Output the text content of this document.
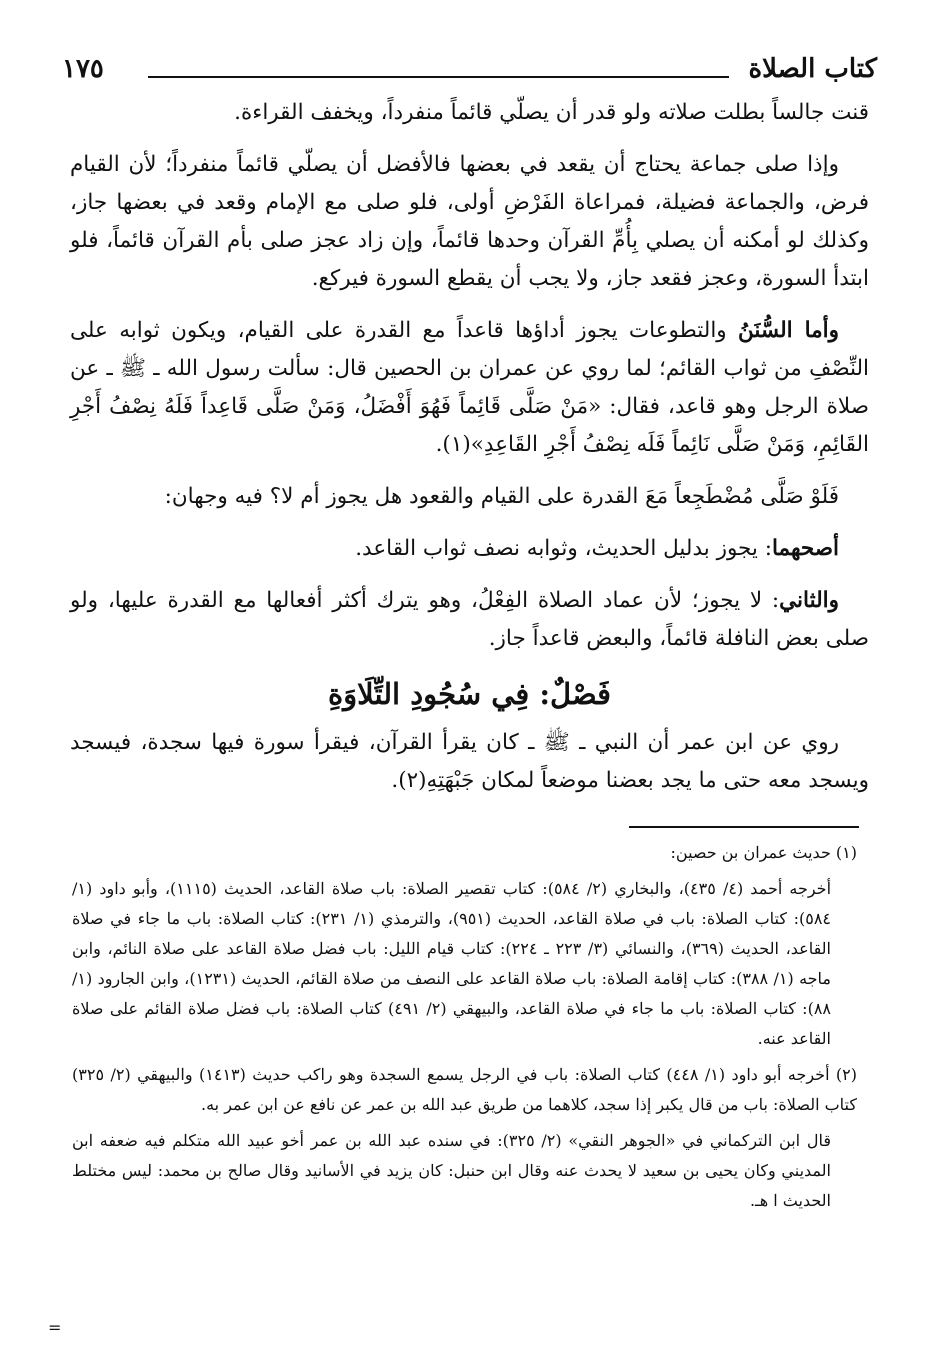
كتاب الصلاة
١٧٥

قنت جالساً بطلت صلاته ولو قدر أن يصلّي قائماً منفرداً، ويخفف القراءة.

وإذا صلى جماعة يحتاج أن يقعد في بعضها فالأفضل أن يصلّي قائماً منفرداً؛ لأن القيام فرض، والجماعة فضيلة، فمراعاة الفَرْضِ أولى، فلو صلى مع الإمام وقعد في بعضها جاز، وكذلك لو أمكنه أن يصلي بِأُمِّ القرآن وحدها قائماً، وإن زاد عجز صلى بأم القرآن قائماً، فلو ابتدأ السورة، وعجز فقعد جاز، ولا يجب أن يقطع السورة فيركع.

وأما السُّنَنُ والتطوعات يجوز أداؤها قاعداً مع القدرة على القيام، ويكون ثوابه على النِّصْفِ من ثواب القائم؛ لما روي عن عمران بن الحصين قال: سألت رسول الله ـ ﷺ ـ عن صلاة الرجل وهو قاعد، فقال: «مَنْ صَلَّى قَائِماً فَهُوَ أَفْضَلُ، وَمَنْ صَلَّى قَاعِداً فَلَهُ نِصْفُ أَجْرِ القَائِمِ، وَمَنْ صَلَّى نَائِماً فَلَه نِصْفُ أَجْرِ القَاعِدِ»(١).

فَلَوْ صَلَّى مُضْطَجِعاً مَعَ القدرة على القيام والقعود هل يجوز أم لا؟ فيه وجهان:

أصحهما: يجوز بدليل الحديث، وثوابه نصف ثواب القاعد.

والثاني: لا يجوز؛ لأن عماد الصلاة الفِعْلُ، وهو يترك أكثر أفعالها مع القدرة عليها، ولو صلى بعض النافلة قائماً، والبعض قاعداً جاز.

فَصْلٌ: فِي سُجُودِ التِّلَاوَةِ

روي عن ابن عمر أن النبي ـ ﷺ ـ كان يقرأ القرآن، فيقرأ سورة فيها سجدة، فيسجد ويسجد معه حتى ما يجد بعضنا موضعاً لمكان جَبْهَتِهِ(٢).

(١) حديث عمران بن حصين:

أخرجه أحمد (٤/ ٤٣٥)، والبخاري (٢/ ٥٨٤): كتاب تقصير الصلاة: باب صلاة القاعد، الحديث (١١١٥)، وأبو داود (١/ ٥٨٤): كتاب الصلاة: باب في صلاة القاعد، الحديث (٩٥١)، والترمذي (١/ ٢٣١): كتاب الصلاة: باب ما جاء في صلاة القاعد، الحديث (٣٦٩)، والنسائي (٣/ ٢٢٣ ـ ٢٢٤): كتاب قيام الليل: باب فضل صلاة القاعد على صلاة النائم، وابن ماجه (١/ ٣٨٨): كتاب إقامة الصلاة: باب صلاة القاعد على النصف من صلاة القائم، الحديث (١٢٣١)، وابن الجارود (١/ ٨٨): كتاب الصلاة: باب ما جاء في صلاة القاعد، والبيهقي (٢/ ٤٩١) كتاب الصلاة: باب فضل صلاة القائم على صلاة القاعد عنه.

(٢) أخرجه أبو داود (١/ ٤٤٨) كتاب الصلاة: باب في الرجل يسمع السجدة وهو راكب حديث (١٤١٣) والبيهقي (٢/ ٣٢٥) كتاب الصلاة: باب من قال يكبر إذا سجد، كلاهما من طريق عبد الله بن عمر عن نافع عن ابن عمر به.

قال ابن التركماني في «الجوهر النقي» (٢/ ٣٢٥): في سنده عبد الله بن عمر أخو عبيد الله متكلم فيه ضعفه ابن المديني وكان يحيى بن سعيد لا يحدث عنه وقال ابن حنبل: كان يزيد في الأسانيد وقال صالح بن محمد: ليس مختلط الحديث ا هـ.

=
